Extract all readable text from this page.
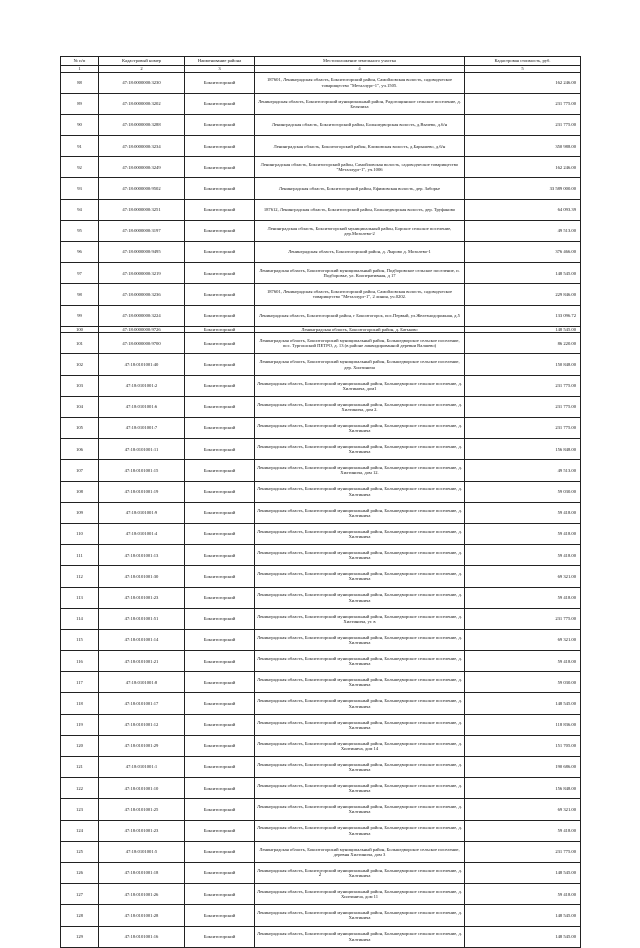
№ п/п	Кадастровый номер	Наименование района	Местоположение земельного участка	Кадастровая стоимость, руб.
1	2	3	4	5
88	47:18:0000000:3230	Бокситогорский	187601, Ленинградская область, Бокситогорский район, Самойловская волость, садоводческое товарищество "Металлург-1", уч.1505.	162 246.00
89	47:18:0000000:3202	Бокситогорский	Ленинградская область, Бокситогорский муниципальный район, Радогощинское сельское поселение, д. Белячиха	231 775.00
90	47:18:0000000:3288	Бокситогорский	Ленинградская область, Бокситогорский район, Большедворская волость, д.Вычево, д.6/н	231 775.00
91	47:18:0000000:3234	Бокситогорский	Ленинградская область, Бокситогорский район, Климовская волость, д.Барышево, д.6/н	350 988.00
92	47:18:0000000:3249	Бокситогорский	Ленинградская область, Бокситогорский район, Самойловская волость, садоводческое товарищество "Металлург-1", уч.1006	162 246.00
93	47:18:0000000:9502	Бокситогорский	Ленинградская область, Бокситогорский район, Ефимовская волость, дер. Заборье	33 589 000.00
94	47:18:0000000:3251	Бокситогорский	187612, Ленинградская область, Бокситогорский район, Большедворская волость, дер. Труфаново	64 093.39
95	47:18:0000000:3197	Бокситогорский	Ленинградская область, Бокситогорский муниципальный район, Борское сельское поселение, дер.Мозолево-2	49 513.00
96	47:18:0000000:9495	Бокситогорский	Ленинградская область, Бокситогорский район, д. Лырово д. Мозолево-1	376 466.00
97	47:18:0000000:3219	Бокситогорский	Ленинградская область, Бокситогорский муниципальный район, Подборовское сельское поселение, п. Подборовье, ул. Кооперативная, д 17	148 545.00
98	47:18:0000000:3236	Бокситогорский	187601, Ленинградская область, Бокситогорский район, Самойловская волость, садоводческое товарищество "Металлург-1", 2 линия, уч.0202.	229 846.00
99	47:18:0000000:3224	Бокситогорский	Ленинградская область, Бокситогорский район, г Бокситогорск, пос.Первый, ул.Железнодорожная, д.5	133 096.72
100	47:18:0000000:9726	Бокситогорский	Ленинградская область, Бокситогорский район, д. Батьково	148 545.00
101	47:18:0000000:9700	Бокситогорский	Ленинградская область, Бокситогорский муниципальный район, Большедворское сельское поселение, пос. Тургошский ПЕТРО, д. 13 (в районе ликвидированной деревни Валшево)	86 220.00
102	47:18:0101001:40	Бокситогорский	Ленинградская область, Бокситогорский муниципальный район, Большедворское сельское поселение, дер. Хилтинича	150 848.00
103	47:18:0101001:2	Бокситогорский	Ленинградская область, Бокситогорский муниципальный район, Большедворское сельское поселение, д. Хилтинича, дом1	231 775.00
104	47:18:0101001:6	Бокситогорский	Ленинградская область, Бокситогорский муниципальный район, Большедворское сельское поселение, д. Хилтинича, дом 2.	231 775.00
105	47:18:0101001:7	Бокситогорский	Ленинградская область, Бокситогорский муниципальный район, Большедворское сельское поселение, д. Хилтинича	231 775.00
106	47:18:0101001:11	Бокситогорский	Ленинградская область, Бокситогорский муниципальный район, Большедворское сельское поселение, д. Хилтинича	156 848.00
107	47:18:0101001:15	Бокситогорский	Ленинградская область, Бокситогорский муниципальный район, Большедворское сельское поселение, д. Хилтинича, дом 12.	49 513.00
108	47:18:0101001:19	Бокситогорский	Ленинградская область, Бокситогорский муниципальный район, Большедворское сельское поселение, д. Хилтинича	59 030.00
109	47:18:0101001:9	Бокситогорский	Ленинградская область, Бокситогорский муниципальный район, Большедворское сельское поселение, д. Хилтинича	59 418.00
110	47:18:0101001:4	Бокситогорский	Ленинградская область, Бокситогорский муниципальный район, Большедворское сельское поселение, д. Хилтинича	59 418.00
111	47:18:0101001:13	Бокситогорский	Ленинградская область, Бокситогорский муниципальный район, Большедворское сельское поселение, д. Хилтинича	59 418.00
112	47:18:0101001:30	Бокситогорский	Ленинградская область, Бокситогорский муниципальный район, Большедворское сельское поселение, д. Хилтинича	69 321.00
113	47:18:0101001:23	Бокситогорский	Ленинградская область, Бокситогорский муниципальный район, Большедворское сельское поселение, д. Хилтинича	59 418.00
114	47:18:0101001:51	Бокситогорский	Ленинградская область, Бокситогорский муниципальный район, Большедворское сельское поселение, д. Хилтинича, уг. в	231 775.00
115	47:18:0101001:14	Бокситогорский	Ленинградская область, Бокситогорский муниципальный район, Большедворское сельское поселение, д. Хилтинича	69 321.00
116	47:18:0101001:21	Бокситогорский	Ленинградская область, Бокситогорский муниципальный район, Большедворское сельское поселение, д. Хилтинича	59 418.00
117	47:18:0101001:8	Бокситогорский	Ленинградская область, Бокситогорский муниципальный район, Большедворское сельское поселение, д. Хилтинича	59 030.00
118	47:18:0101001:17	Бокситогорский	Ленинградская область, Бокситогорский муниципальный район, Большедворское сельское поселение, д. Хилтинича	148 545.00
119	47:18:0101001:12	Бокситогорский	Ленинградская область, Бокситогорский муниципальный район, Большедворское сельское поселение, д. Хилтинича	118 836.00
120	47:18:0101001:29	Бокситогорский	Ленинградская область, Бокситогорский муниципальный район, Большедворское сельское поселение, д. Хилтинича, дом 14	151 705.00
121	47:18:0101001:1	Бокситогорский	Ленинградская область, Бокситогорский муниципальный район, Большедворское сельское поселение, д. Хилтинича	190 686.00
122	47:18:0101001:10	Бокситогорский	Ленинградская область, Бокситогорский муниципальный район, Большедворское сельское поселение, д. Хилтинича	156 848.00
123	47:18:0101001:25	Бокситогорский	Ленинградская область, Бокситогорский муниципальный район, Большедворское сельское поселение, д. Хилтинича	69 321.00
124	47:18:0101001:23	Бокситогорский	Ленинградская область, Бокситогорский муниципальный район, Большедворское сельское поселение, д. Хилтинича	59 418.00
125	47:18:0101001:5	Бокситогорский	Ленинградская область, Бокситогорский муниципальный район, Большедворское сельское поселение, деревня Хилтинича, дом 3	231 775.00
126	47:18:0101001:18	Бокситогорский	Ленинградская область, Бокситогорский муниципальный район, Большедворское сельское поселение, д. Хилтинича	148 545.00
127	47:18:0101001:26	Бокситогорский	Ленинградская область, Бокситогорский муниципальный район, Большедворское сельское поселение, д. Хилтинича, дом 11	59 418.00
128	47:18:0101001:28	Бокситогорский	Ленинградская область, Бокситогорский муниципальный район, Большедворское сельское поселение, д. Хилтинича	148 545.00
129	47:18:0101001:16	Бокситогорский	Ленинградская область, Бокситогорский муниципальный район, Большедворское сельское поселение, д. Хилтинича	148 545.00
2
